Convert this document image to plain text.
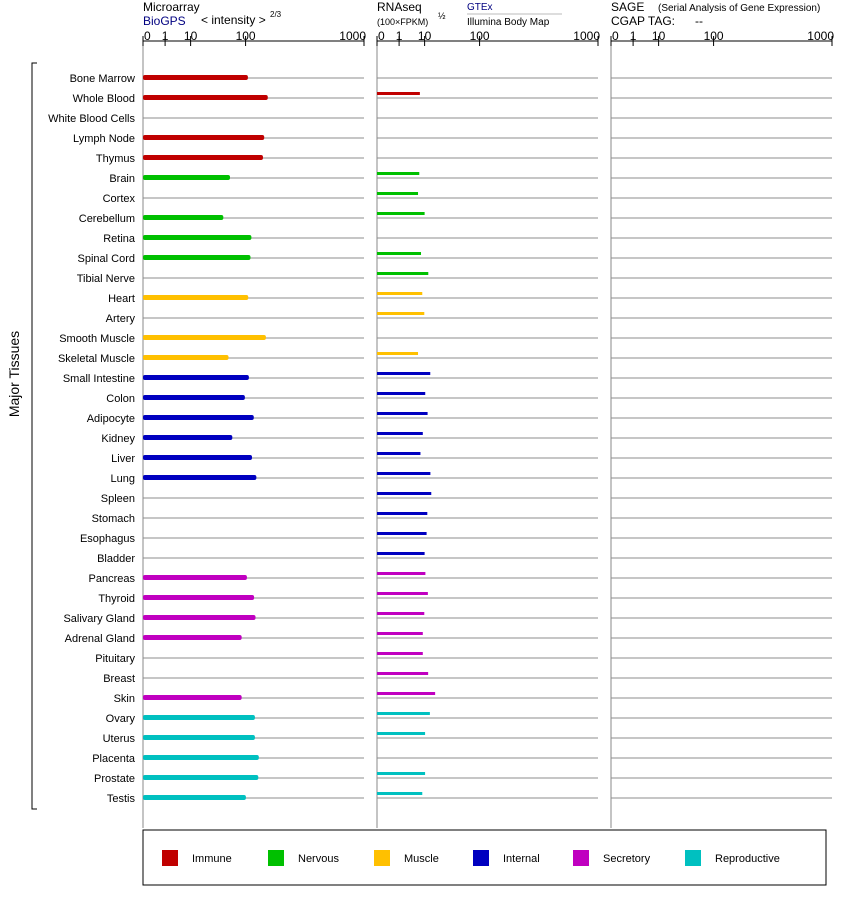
Microarray
BioGPS < intensity > 2/3
RNAseq
(100×FPKM)
½
GTEx
Illumina Body Map
SAGE (Serial Analysis of Gene Expression)
CGAP TAG: --
Major Tissues
Bone Marrow
Whole Blood
White Blood Cells
Lymph Node
Thymus
Brain
Cortex
Cerebellum
Retina
Spinal Cord
Tibial Nerve
Heart
Artery
Smooth Muscle
Skeletal Muscle
Small Intestine
Colon
Adipocyte
Kidney
Liver
Lung
Spleen
Stomach
Esophagus
Bladder
Pancreas
Thyroid
Salivary Gland
Adrenal Gland
Pituitary
Breast
Skin
Ovary
Uterus
Placenta
Prostate
Testis
0 1 10	100	1000 0 1 10	100	1000 0 1 10	100	1000
Immune	Nervous	Muscle	Internal	Secretory	Reproductive
